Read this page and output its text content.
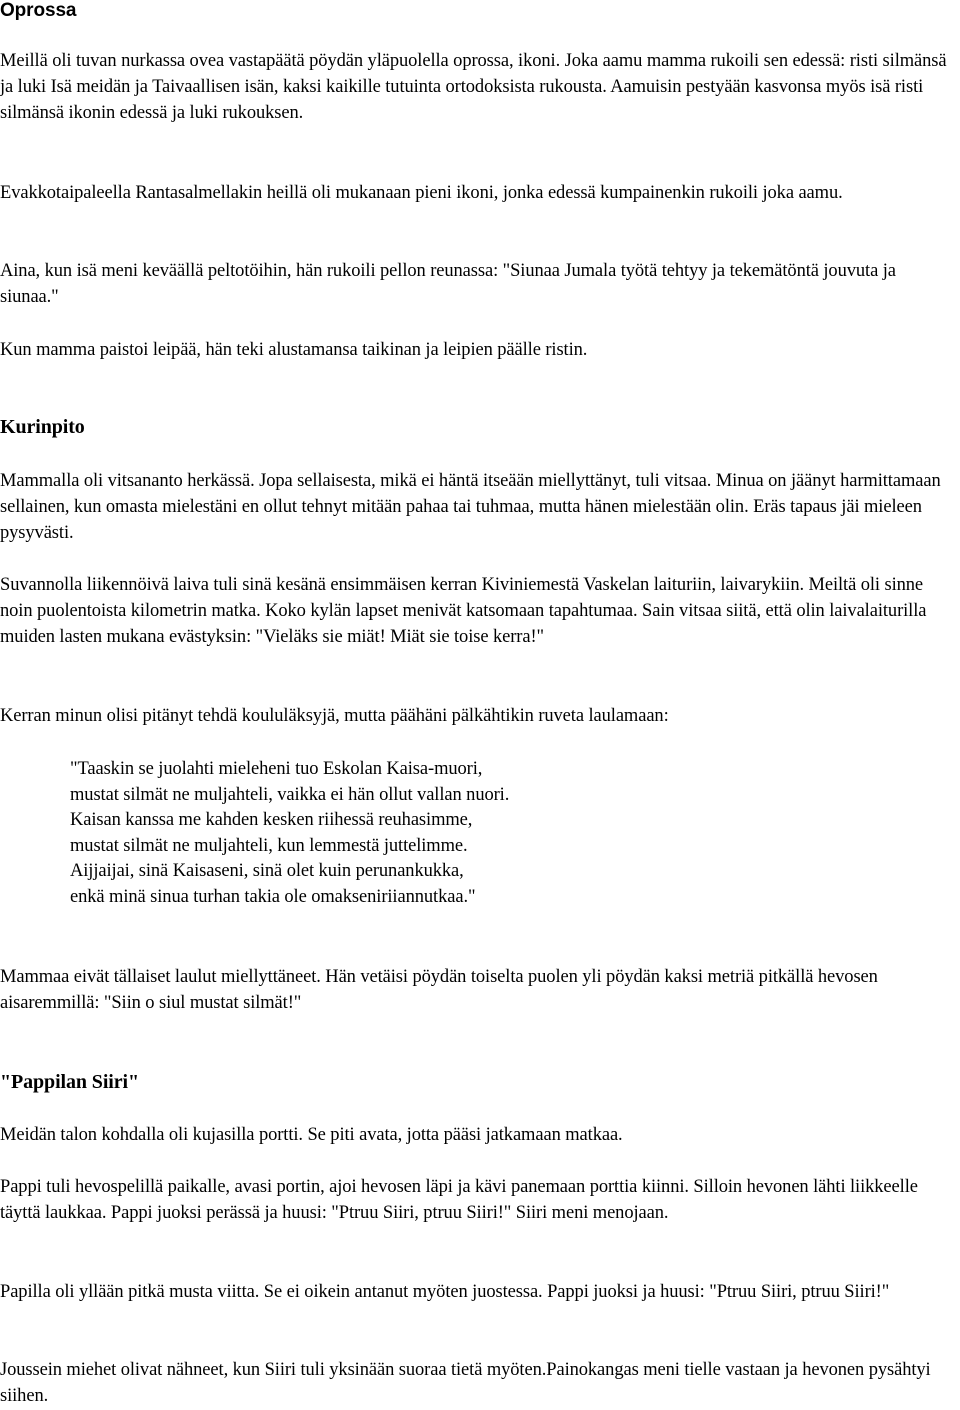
Oprossa

Meillä oli tuvan nurkassa ovea vastapäätä pöydän yläpuolella oprossa, ikoni. Joka aamu mamma rukoili sen edessä: risti silmänsä ja luki Isä meidän ja Taivaallisen isän, kaksi kaikille tutuinta ortodoksista rukousta. Aamuisin pestyään kasvonsa myös isä risti silmänsä ikonin edessä ja luki rukouksen.

Evakkotaipaleella Rantasalmellakin heillä oli mukanaan pieni ikoni, jonka edessä kumpainenkin rukoili joka aamu.

Aina, kun isä meni keväällä peltotöihin, hän rukoili pellon reunassa: "Siunaa Jumala työtä tehtyy ja tekemätöntä jouvuta ja siunaa."

Kun mamma paistoi leipää, hän teki alustamansa taikinan ja leipien päälle ristin.

Kurinpito

Mammalla oli vitsananto herkässä. Jopa sellaisesta, mikä ei häntä itseään miellyttänyt, tuli vitsaa. Minua on jäänyt harmittamaan sellainen, kun omasta mielestäni en ollut tehnyt mitään pahaa tai tuhmaa, mutta hänen mielestään olin. Eräs tapaus jäi mieleen pysyvästi.

Suvannolla liikennöivä laiva tuli sinä kesänä ensimmäisen kerran Kiviniemestä Vaskelan laituriin, laivarykiin. Meiltä oli sinne noin puolentoista kilometrin matka. Koko kylän lapset menivät katsomaan tapahtumaa. Sain vitsaa siitä, että olin laivalaiturilla muiden lasten mukana evästyksin: "Vieläks sie miät! Miät sie toise kerra!"

Kerran minun olisi pitänyt tehdä koululäksyjä, mutta päähäni pälkähtikin ruveta laulamaan:

"Taaskin se juolahti mieleheni tuo Eskolan Kaisa-muori,
mustat silmät ne muljahteli, vaikka ei hän ollut vallan nuori.
Kaisan kanssa me kahden kesken riihessä reuhasimme,
mustat silmät ne muljahteli, kun lemmestä juttelimme.
Aijjaijai, sinä Kaisaseni, sinä olet kuin perunankukka,
enkä minä sinua turhan takia ole omakseniriiannutkaa."

Mammaa eivät tällaiset laulut miellyttäneet. Hän vetäisi pöydän toiselta puolen yli pöydän kaksi metriä pitkällä hevosen aisaremmillä: "Siin o siul mustat silmät!"

"Pappilan Siiri"

Meidän talon kohdalla oli kujasilla portti. Se piti avata, jotta pääsi jatkamaan matkaa.

Pappi tuli hevospelillä paikalle, avasi portin, ajoi hevosen läpi ja kävi panemaan porttia kiinni. Silloin hevonen lähti liikkeelle täyttä laukkaa. Pappi juoksi perässä ja huusi: "Ptruu Siiri, ptruu Siiri!" Siiri meni menojaan.

Papilla oli yllään pitkä musta viitta. Se ei oikein antanut myöten juostessa. Pappi juoksi ja huusi: "Ptruu Siiri, ptruu Siiri!"

Joussein miehet olivat nähneet, kun Siiri tuli yksinään suoraa tietä myöten.Painokangas meni tielle vastaan ja hevonen pysähtyi siihen.
